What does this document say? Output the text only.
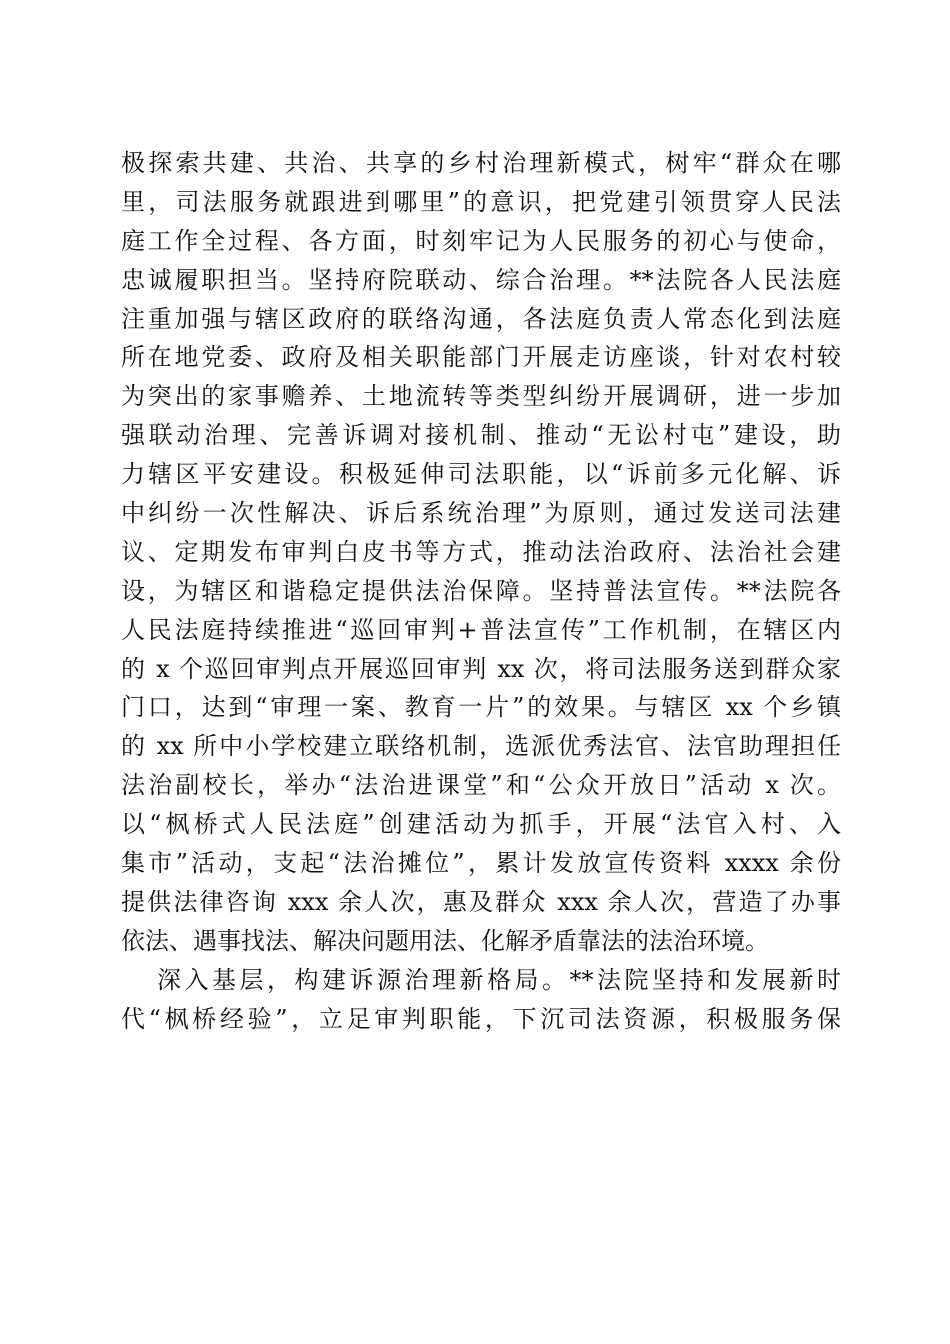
极探索共建、共治、共享的乡村治理新模式，树牢“群众在哪
里，司法服务就跟进到哪里”的意识，把党建引领贯穿人民法
庭工作全过程、各方面，时刻牢记为人民服务的初心与使命，
忠诚履职担当。坚持府院联动、综合治理。**法院各人民法庭
注重加强与辖区政府的联络沟通，各法庭负责人常态化到法庭
所在地党委、政府及相关职能部门开展走访座谈，针对农村较
为突出的家事赡养、土地流转等类型纠纷开展调研，进一步加
强联动治理、完善诉调对接机制、推动“无讼村屯”建设，助
力辖区平安建设。积极延伸司法职能，以“诉前多元化解、诉
中纠纷一次性解决、诉后系统治理”为原则，通过发送司法建
议、定期发布审判白皮书等方式，推动法治政府、法治社会建
设，为辖区和谐稳定提供法治保障。坚持普法宣传。**法院各
人民法庭持续推进“巡回审判+普法宣传”工作机制，在辖区内
的 x 个巡回审判点开展巡回审判 xx 次，将司法服务送到群众家
门口，达到“审理一案、教育一片”的效果。与辖区 xx 个乡镇
的 xx 所中小学校建立联络机制，选派优秀法官、法官助理担任
法治副校长，举办“法治进课堂”和“公众开放日”活动 x 次。
以“枫桥式人民法庭”创建活动为抓手，开展“法官入村、入
集市”活动，支起“法治摊位”，累计发放宣传资料 xxxx 余份
提供法律咨询 xxx 余人次，惠及群众 xxx 余人次，营造了办事
依法、遇事找法、解决问题用法、化解矛盾靠法的法治环境。
深入基层，构建诉源治理新格局。**法院坚持和发展新时
代“枫桥经验”，立足审判职能，下沉司法资源，积极服务保
